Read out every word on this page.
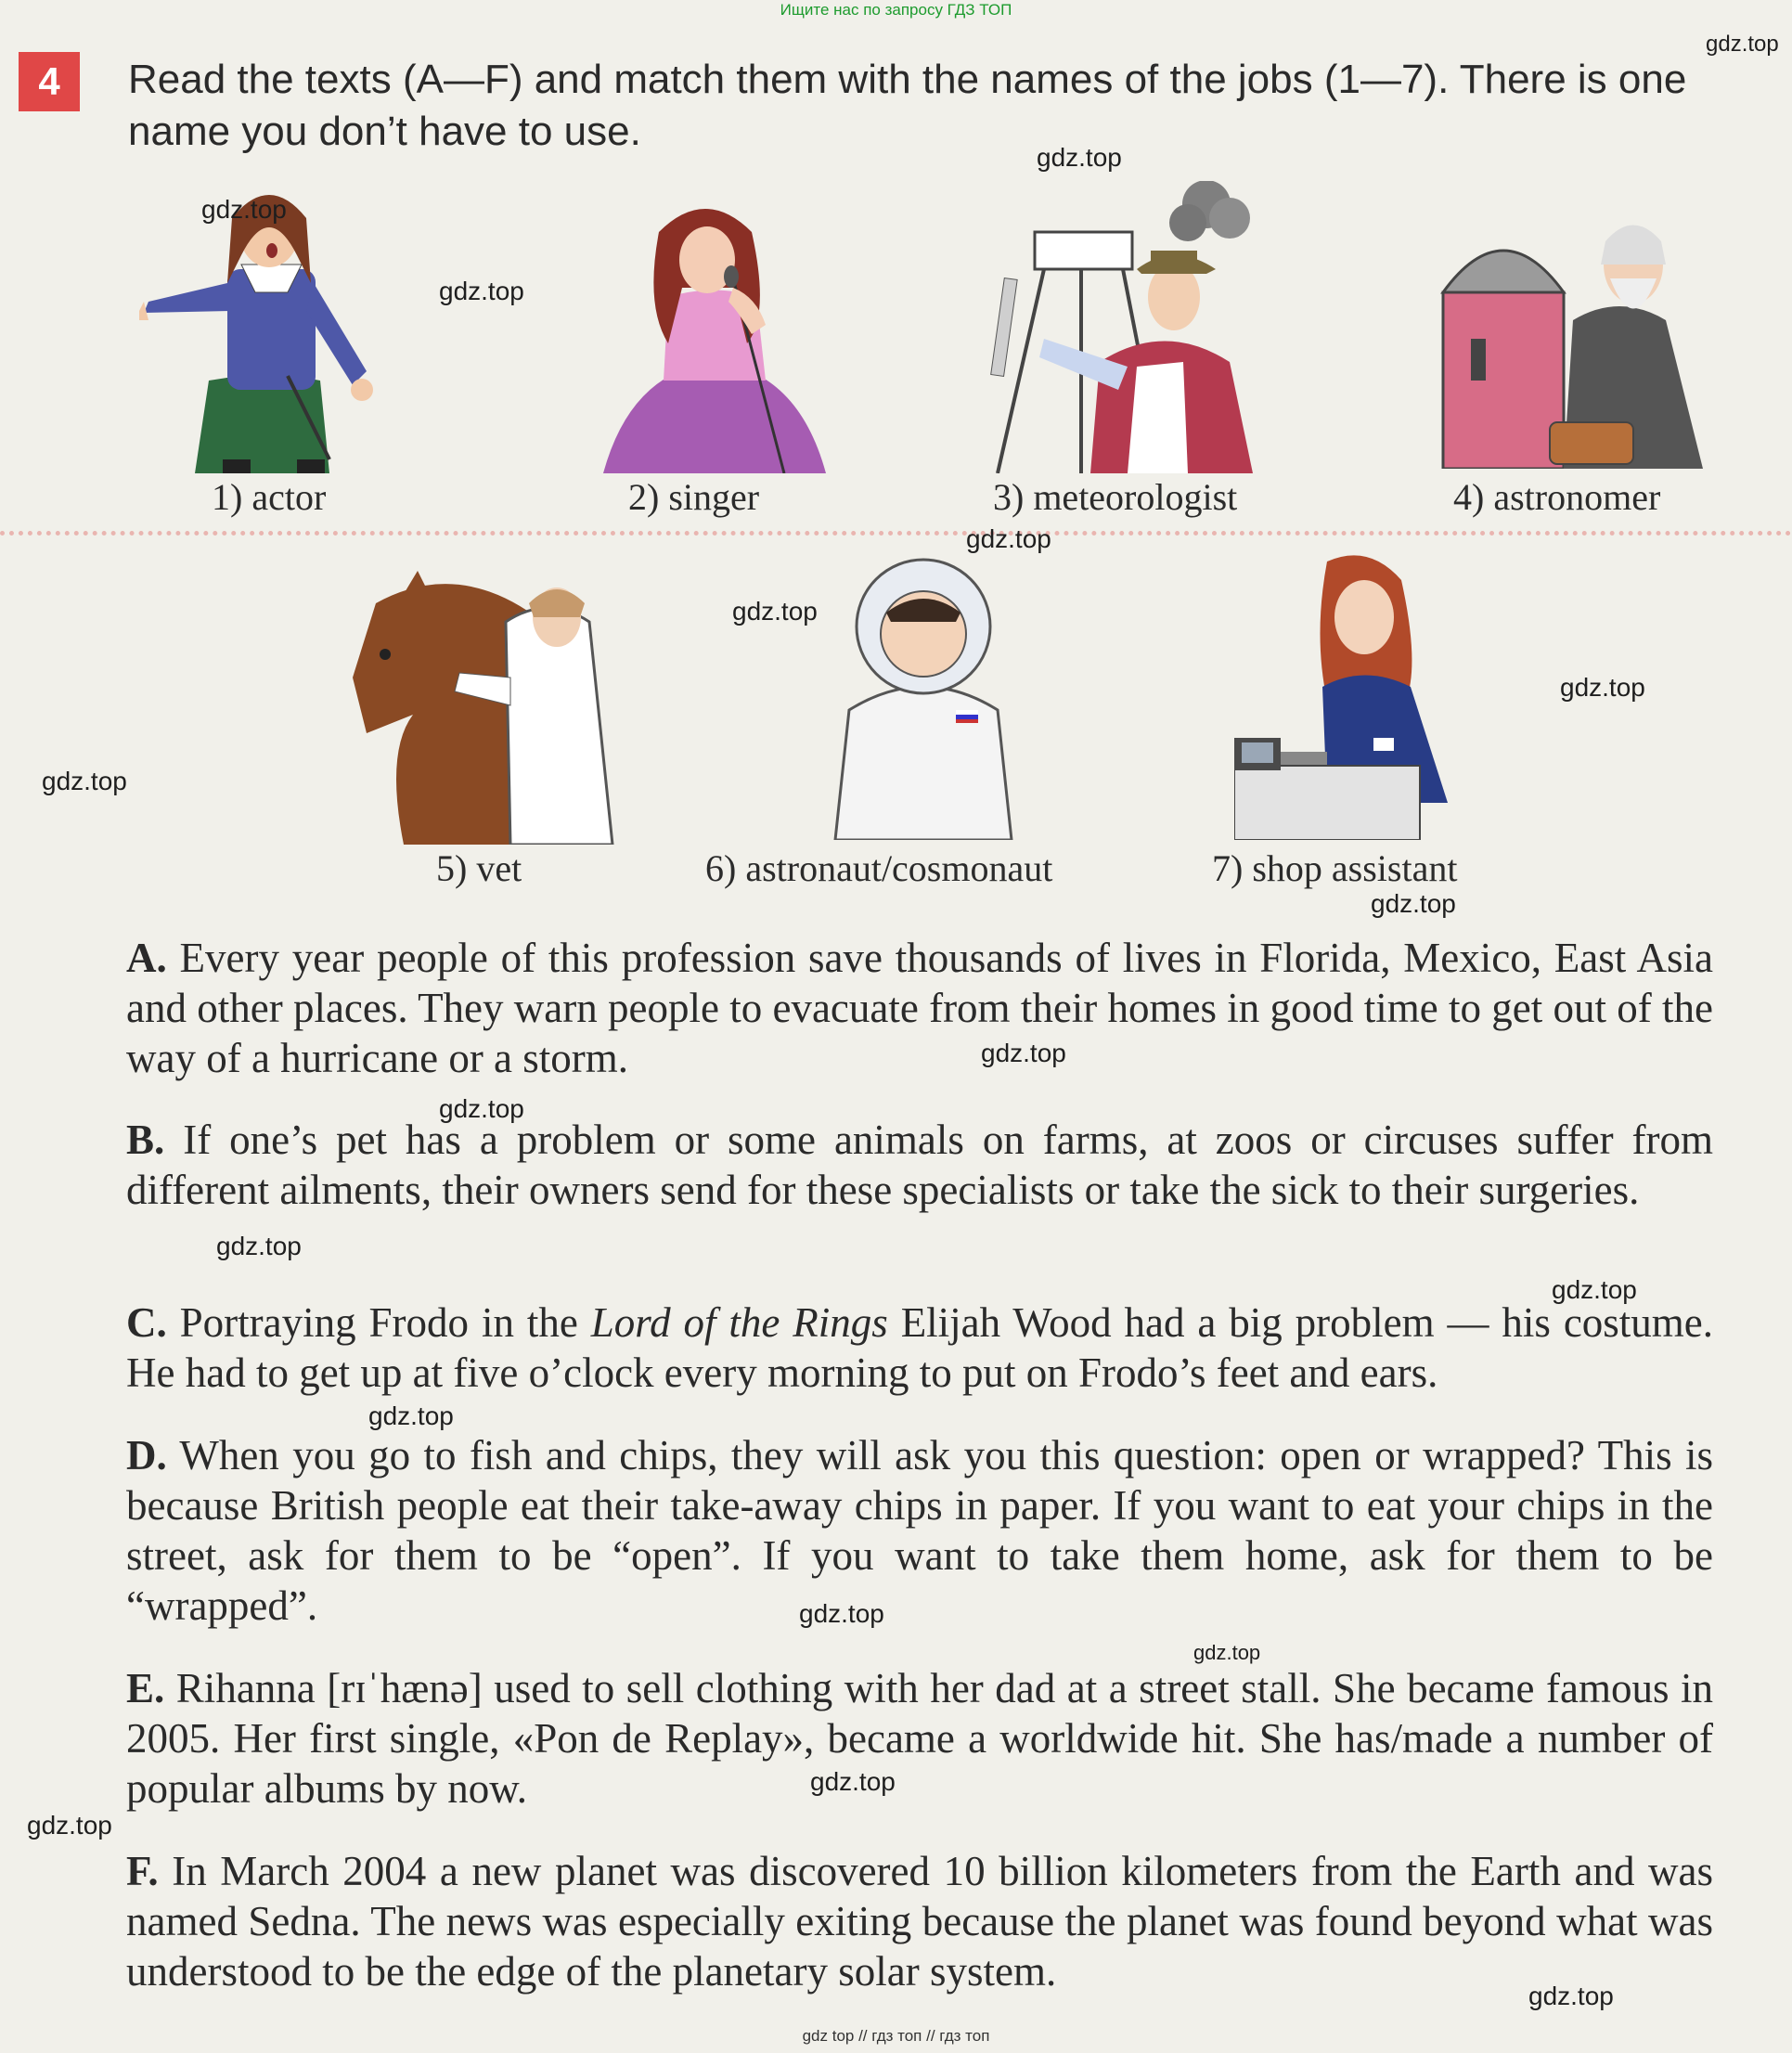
Ищите нас по запросу ГДЗ ТОП
4	Read the texts (A—F) and match them with the names of the jobs (1—7). There is one name you don’t have to use.
1) actor	2) singer	3) meteorologist	4) astronomer
5) vet	6) astronaut/cosmonaut	7) shop assistant
A. Every year people of this profession save thousands of lives in Florida, Mexico, East Asia and other places. They warn people to evacuate from their homes in good time to get out of the way of a hurricane or a storm.
B. If one’s pet has a problem or some animals on farms, at zoos or circuses suffer from different ailments, their owners send for these specialists or take the sick to their surgeries.
C. Portraying Frodo in the Lord of the Rings Elijah Wood had a big problem — his costume. He had to get up at five o’clock every morning to put on Frodo’s feet and ears.
D. When you go to fish and chips, they will ask you this question: open or wrapped? This is because British people eat their take-away chips in paper. If you want to eat your chips in the street, ask for them to be “open”. If you want to take them home, ask for them to be “wrapped”.
E. Rihanna [rɪˈhænə] used to sell clothing with her dad at a street stall. She became famous in 2005. Her first single, «Pon de Replay», became a worldwide hit. She has/made a number of popular albums by now.
F. In March 2004 a new planet was discovered 10 billion kilometers from the Earth and was named Sedna. The news was especially exiting because the planet was found beyond what was understood to be the edge of the planetary solar system.
gdz.top
gdz.top
gdz.top
gdz.top
gdz.top
gdz.top
gdz.top
gdz.top
gdz.top
gdz.top
gdz.top
gdz.top
gdz.top
gdz.top
gdz.top
gdz.top
gdz.top
gdz.top
gdz.top
gdz top // гдз топ // гдз топ
